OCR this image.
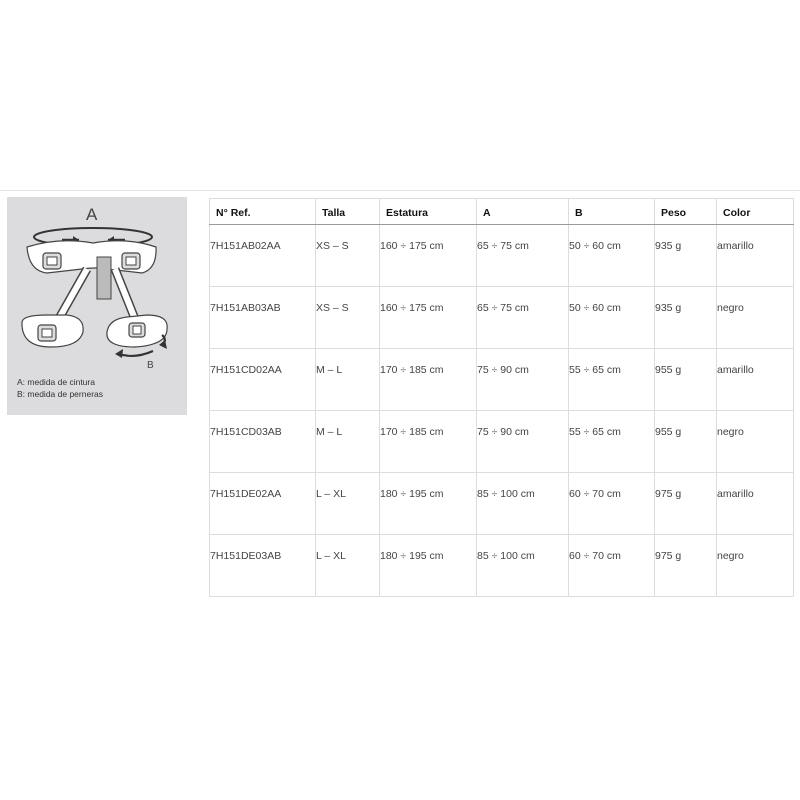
A
B
A: medida de cintura
B: medida de perneras
N° Ref.	Talla	Estatura	A	B	Peso	Color
7H151AB02AA	XS – S	160 ÷ 175 cm	65 ÷ 75 cm	50 ÷ 60 cm	935 g	amarillo
7H151AB03AB	XS – S	160 ÷ 175 cm	65 ÷ 75 cm	50 ÷ 60 cm	935 g	negro
7H151CD02AA	M – L	170 ÷ 185 cm	75 ÷ 90 cm	55 ÷ 65 cm	955 g	amarillo
7H151CD03AB	M – L	170 ÷ 185 cm	75 ÷ 90 cm	55 ÷ 65 cm	955 g	negro
7H151DE02AA	L – XL	180 ÷ 195 cm	85 ÷ 100 cm	60 ÷ 70 cm	975 g	amarillo
7H151DE03AB	L – XL	180 ÷ 195 cm	85 ÷ 100 cm	60 ÷ 70 cm	975 g	negro
